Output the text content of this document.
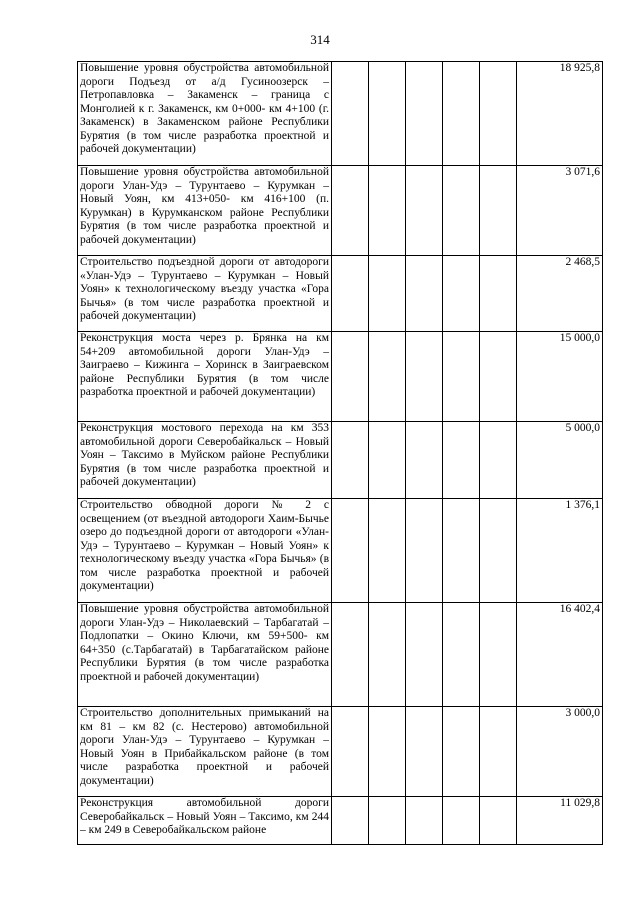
314
Повышение уровня обустройства автомобильной дороги Подъезд от а/д Гусиноозерск – Петропавловка – Закаменск – граница с Монголией к г. Закаменск, км 0+000- км 4+100 (г. Закаменск) в Закаменском районе Республики Бурятия (в том числе разработка проектной и рабочей документации)						18 925,8
Повышение уровня обустройства автомобильной дороги Улан-Удэ – Турунтаево – Курумкан – Новый Уоян, км 413+050- км 416+100 (п. Курумкан) в Курумканском районе Республики Бурятия (в том числе разработка проектной и рабочей документации)						3 071,6
Строительство подъездной дороги от автодороги «Улан-Удэ – Турунтаево – Курумкан – Новый Уоян» к технологическому въезду участка «Гора Бычья» (в том числе разработка проектной и рабочей документации)						2 468,5
Реконструкция моста через р. Брянка на км 54+209 автомобильной дороги Улан-Удэ – Заиграево – Кижинга – Хоринск в Заиграевском районе Республики Бурятия (в том числе разработка проектной и рабочей документации)						15 000,0
Реконструкция мостового перехода на км 353 автомобильной дороги Северобайкальск – Новый Уоян – Таксимо в Муйском районе Республики Бурятия (в том числе разработка проектной и рабочей документации)						5 000,0
Строительство обводной дороги № 2 с освещением (от въездной автодороги Хаим-Бычье озеро до подъездной дороги от автодороги «Улан-Удэ – Турунтаево – Курумкан – Новый Уоян» к технологическому въезду участка «Гора Бычья» (в том числе разработка проектной и рабочей документации)						1 376,1
Повышение уровня обустройства автомобильной дороги Улан-Удэ – Николаевский – Тарбагатай – Подлопатки – Окино Ключи, км 59+500- км 64+350 (с.Тарбагатай) в Тарбагатайском районе Республики Бурятия (в том числе разработка проектной и рабочей документации)						16 402,4
Строительство дополнительных примыканий на км 81 – км 82 (с. Нестерово) автомобильной дороги Улан-Удэ – Турунтаево – Курумкан – Новый Уоян в Прибайкальском районе (в том числе разработка проектной и рабочей документации)						3 000,0
Реконструкция автомобильной дороги Северобайкальск – Новый Уоян – Таксимо, км 244 – км 249 в Северобайкальском районе						11 029,8
